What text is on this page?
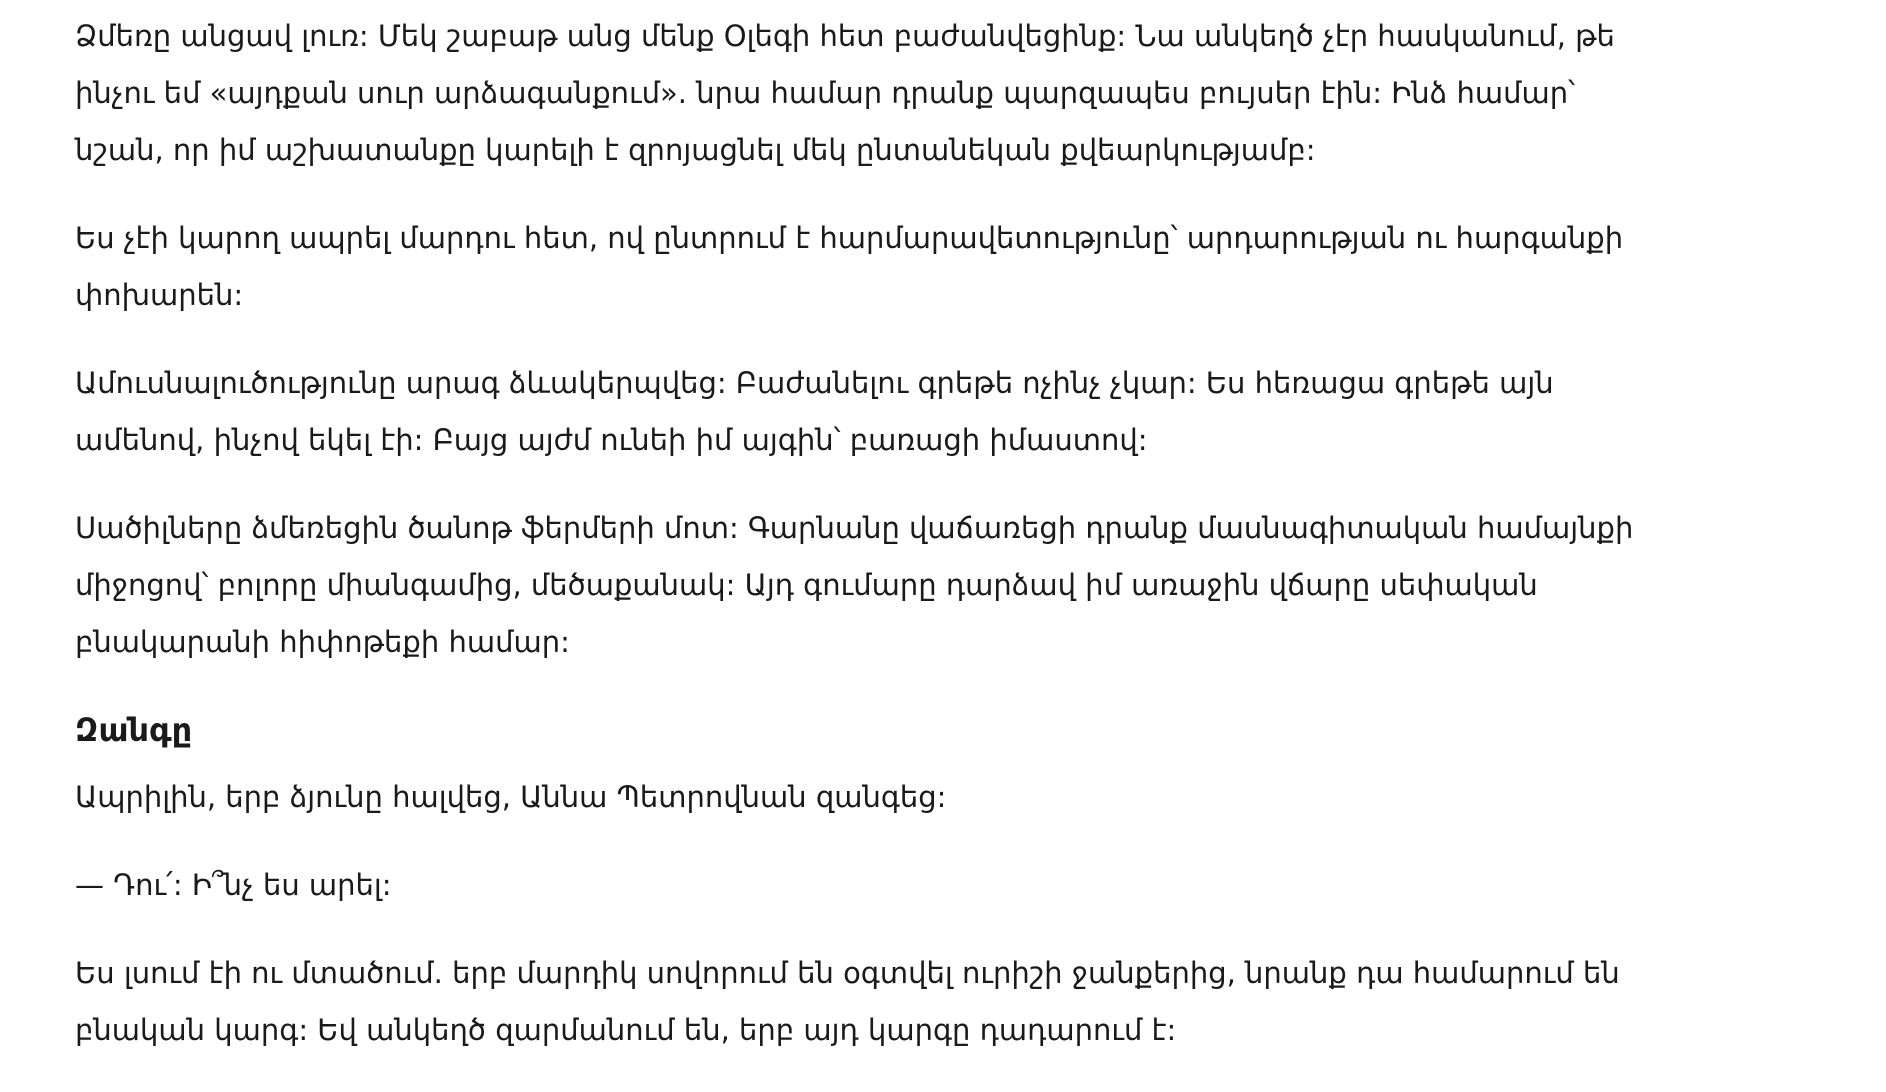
Ձմեռը անցավ լուռ: Մեկ շաբաթ անց մենք Օլեգի հետ բաժանվեցինք: Նա անկեղծ չէր հասկանում, թե ինչու եմ «այդքան սուր արձագանքում». նրա համար դրանք պարզապես բույսեր էին: Ինձ համար՝ նշան, որ իմ աշխատանքը կարելի է զրոյացնել մեկ ընտանեկան քվեարկությամբ:

Ես չէի կարող ապրել մարդու հետ, ով ընտրում է հարմարավետությունը՝ արդարության ու հարգանքի փոխարեն:

Ամուսնալուծությունը արագ ձևակերպվեց: Բաժանելու գրեթե ոչինչ չկար: Ես հեռացա գրեթե այն ամենով, ինչով եկել էի: Բայց այժմ ունեի իմ այգին՝ բառացի իմաստով:

Սածիլները ձմեռեցին ծանոթ ֆերմերի մոտ: Գարնանը վաճառեցի դրանք մասնագիտական համայնքի միջոցով՝ բոլորը միանգամից, մեծաքանակ: Այդ գումարը դարձավ իմ առաջին վճարը սեփական բնակարանի հիփոթեքի համար:

Զանգը

Ապրիլին, երբ ձյունը հալվեց, Աննա Պետրովնան զանգեց:

— Դու՛: Ի՞նչ ես արել:

Ես լսում էի ու մտածում. երբ մարդիկ սովորում են օգտվել ուրիշի ջանքերից, նրանք դա համարում են բնական կարգ: Եվ անկեղծ զարմանում են, երբ այդ կարգը դադարում է:
